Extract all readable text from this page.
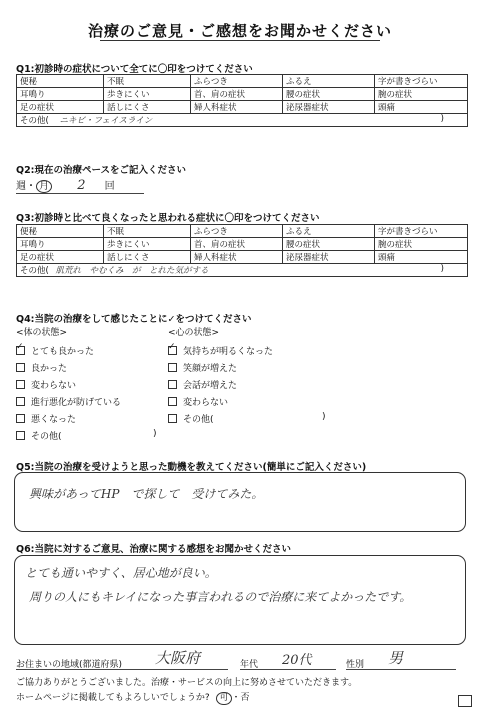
治療のご意見・ご感想をお聞かせください
Q1:初診時の症状について全てに〇印をつけてください
便秘	不眠	ふらつき	ふるえ	字が書きづらい
耳鳴り	歩きにくい	首、肩の症状	腰の症状	腕の症状
足の症状	話しにくさ	婦人科症状	泌尿器症状	頭痛
その他( ニキビ・フェイスライン )				
Q2:現在の治療ペースをご記入ください
週・ 月 2 回
Q3:初診時と比べて良くなったと思われる症状に〇印をつけてください
便秘	不眠	ふらつき	ふるえ	字が書きづらい
耳鳴り	歩きにくい	首、肩の症状	腰の症状	腕の症状
足の症状	話しにくさ	婦人科症状	泌尿器症状	頭痛
その他( 肌荒れ　やむくみ　が　とれた気がする )				
Q4:当院の治療をして感じたことに✓をつけてください
<体の状態>	<心の状態>
✓とても良かった
良かった
変わらない
進行悪化が防げている
悪くなった
その他(	)
✓気持ちが明るくなった
笑顔が増えた
会話が増えた
変わらない
その他(	)
Q5:当院の治療を受けようと思った動機を教えてください(簡単にご記入ください)
興味があってHP　で探して　受けてみた。
Q6:当院に対するご意見、治療に関する感想をお聞かせください
とても通いやすく、居心地が良い。
周りの人にもキレイになった事言われるので治療に来てよかったです。
お住まいの地域(都道府県) 大阪府	年代 20代	性別 男
ご協力ありがとうございました。治療・サービスの向上に努めさせていただきます。
ホームページに掲載してもよろしいでしょうか? 可 ・否
